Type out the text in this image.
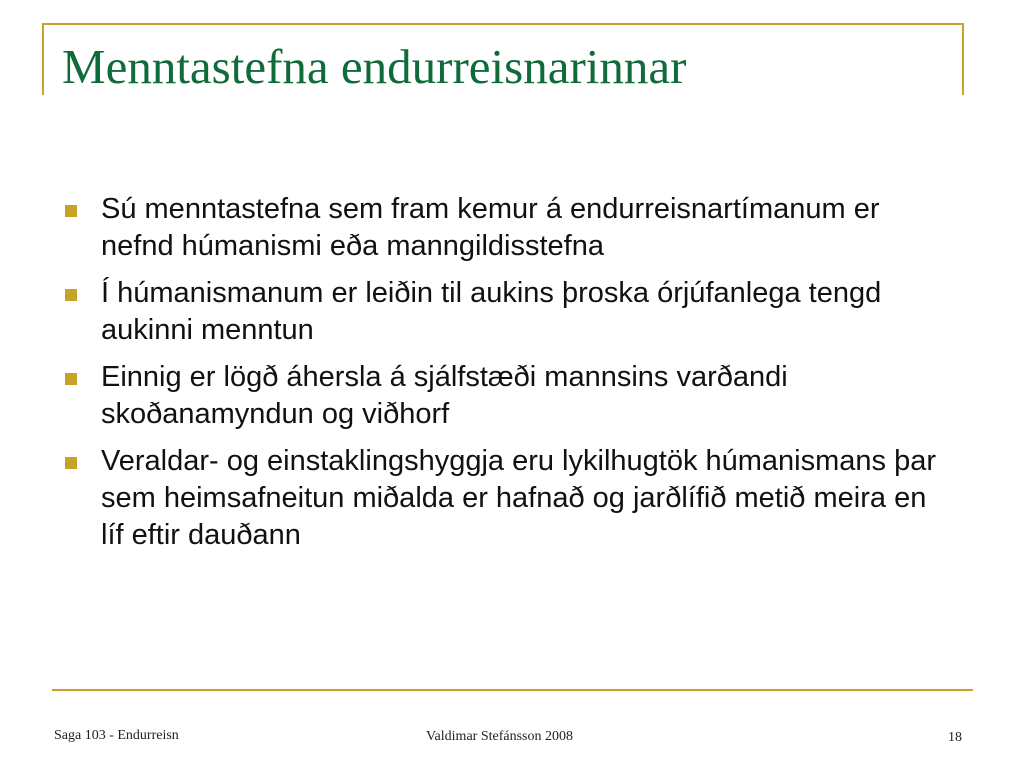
Menntastefna endurreisnarinnar
Sú menntastefna sem fram kemur á endurreisnartímanum er nefnd húmanismi eða manngildisstefna
Í húmanismanum er leiðin til aukins þroska órjúfanlega tengd aukinni menntun
Einnig er lögð áhersla á sjálfstæði mannsins varðandi skoðanamyndun og viðhorf
Veraldar- og einstaklingshyggja eru lykilhugtök húmanismans þar sem heimsafneitun miðalda er hafnað og jarðlífið metið meira en líf eftir dauðann
Saga 103 - Endurreisn	Valdimar Stefánsson 2008	18
